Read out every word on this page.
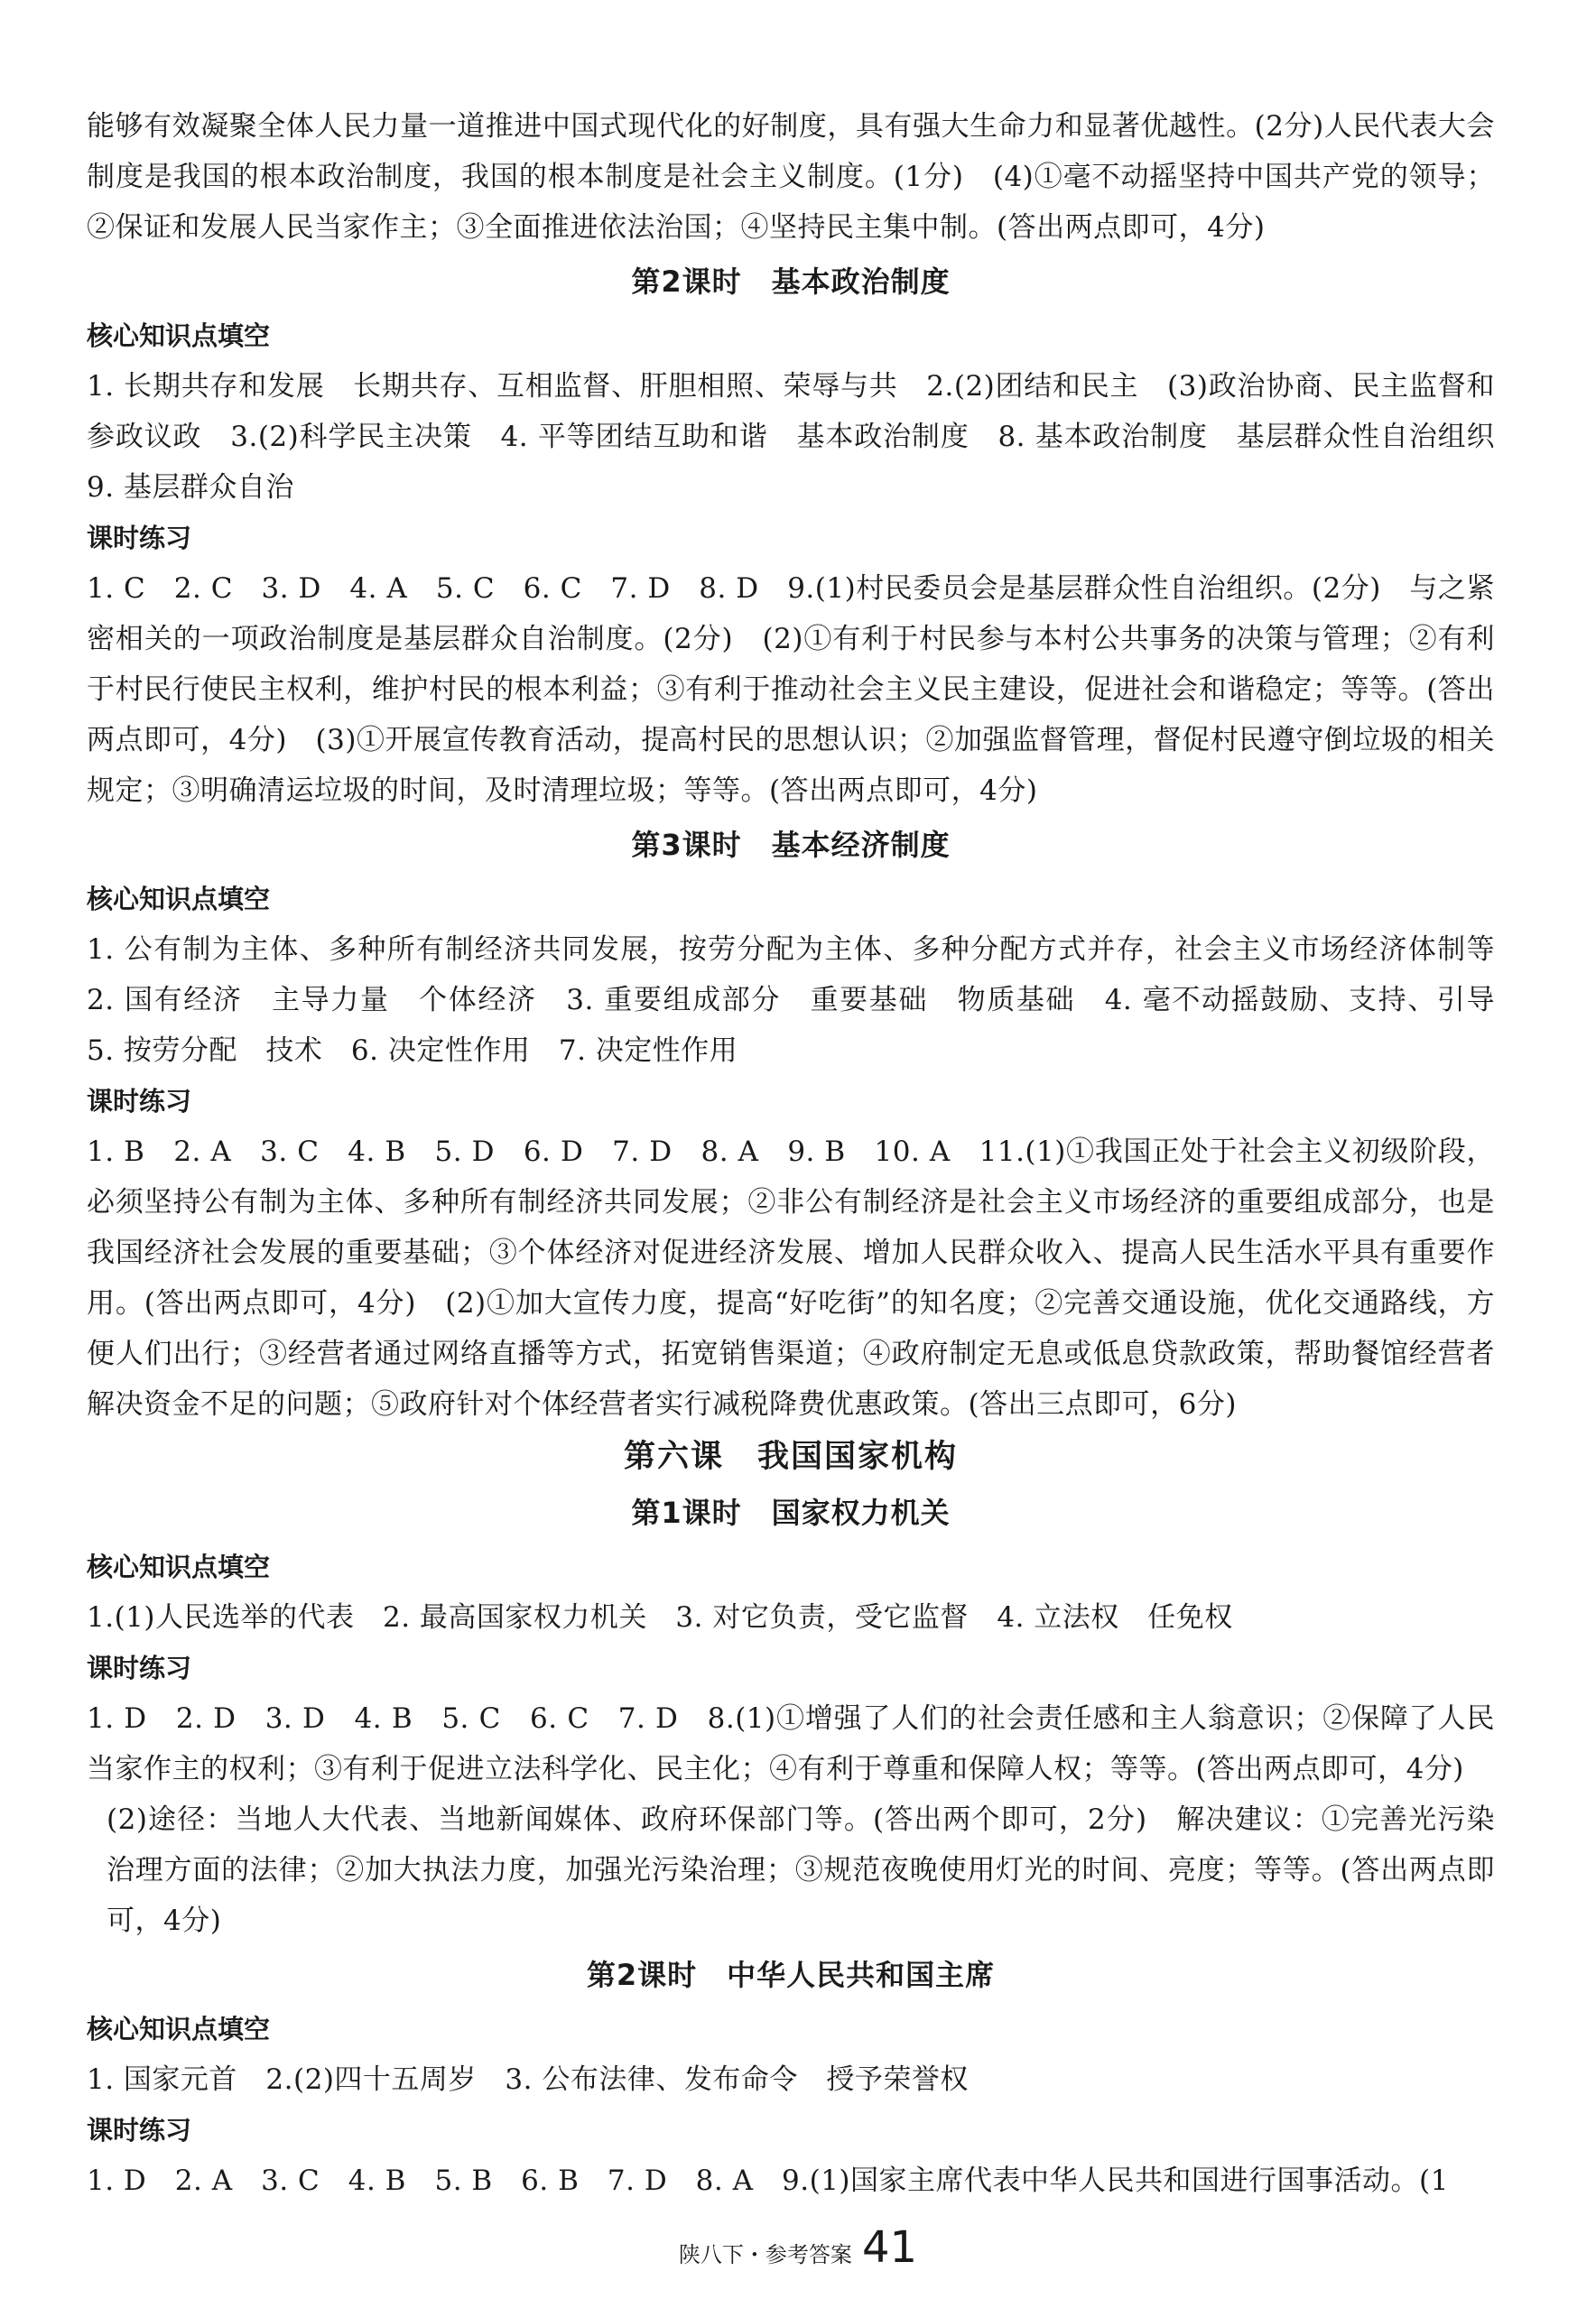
能够有效凝聚全体人民力量一道推进中国式现代化的好制度，具有强大生命力和显著优越性。(2分)人民代表大会制度是我国的根本政治制度，我国的根本制度是社会主义制度。(1分)　(4)①毫不动摇坚持中国共产党的领导；②保证和发展人民当家作主；③全面推进依法治国；④坚持民主集中制。(答出两点即可，4分)

第2课时　基本政治制度
核心知识点填空

1. 长期共存和发展　长期共存、互相监督、肝胆相照、荣辱与共　2.(2)团结和民主　(3)政治协商、民主监督和参政议政　3.(2)科学民主决策　4. 平等团结互助和谐　基本政治制度　8. 基本政治制度　基层群众性自治组织　9. 基层群众自治

课时练习

1. C　2. C　3. D　4. A　5. C　6. C　7. D　8. D　9.(1)村民委员会是基层群众性自治组织。(2分)　与之紧密相关的一项政治制度是基层群众自治制度。(2分)　(2)①有利于村民参与本村公共事务的决策与管理；②有利于村民行使民主权利，维护村民的根本利益；③有利于推动社会主义民主建设，促进社会和谐稳定；等等。(答出两点即可，4分)　(3)①开展宣传教育活动，提高村民的思想认识；②加强监督管理，督促村民遵守倒垃圾的相关规定；③明确清运垃圾的时间，及时清理垃圾；等等。(答出两点即可，4分)

第3课时　基本经济制度
核心知识点填空

1. 公有制为主体、多种所有制经济共同发展，按劳分配为主体、多种分配方式并存，社会主义市场经济体制等　2. 国有经济　主导力量　个体经济　3. 重要组成部分　重要基础　物质基础　4. 毫不动摇鼓励、支持、引导　5. 按劳分配　技术　6. 决定性作用　7. 决定性作用

课时练习

1. B　2. A　3. C　4. B　5. D　6. D　7. D　8. A　9. B　10. A　11.(1)①我国正处于社会主义初级阶段，必须坚持公有制为主体、多种所有制经济共同发展；②非公有制经济是社会主义市场经济的重要组成部分，也是我国经济社会发展的重要基础；③个体经济对促进经济发展、增加人民群众收入、提高人民生活水平具有重要作用。(答出两点即可，4分)　(2)①加大宣传力度，提高“好吃街”的知名度；②完善交通设施，优化交通路线，方便人们出行；③经营者通过网络直播等方式，拓宽销售渠道；④政府制定无息或低息贷款政策，帮助餐馆经营者解决资金不足的问题；⑤政府针对个体经营者实行减税降费优惠政策。(答出三点即可，6分)

第六课　我国国家机构
第1课时　国家权力机关
核心知识点填空

1.(1)人民选举的代表　2. 最高国家权力机关　3. 对它负责，受它监督　4. 立法权　任免权

课时练习

1. D　2. D　3. D　4. B　5. C　6. C　7. D　8.(1)①增强了人们的社会责任感和主人翁意识；②保障了人民当家作主的权利；③有利于促进立法科学化、民主化；④有利于尊重和保障人权；等等。(答出两点即可，4分)

(2)途径：当地人大代表、当地新闻媒体、政府环保部门等。(答出两个即可，2分)　解决建议：①完善光污染治理方面的法律；②加大执法力度，加强光污染治理；③规范夜晚使用灯光的时间、亮度；等等。(答出两点即可，4分)

第2课时　中华人民共和国主席
核心知识点填空

1. 国家元首　2.(2)四十五周岁　3. 公布法律、发布命令　授予荣誉权

课时练习

1. D　2. A　3. C　4. B　5. B　6. B　7. D　8. A　9.(1)国家主席代表中华人民共和国进行国事活动。(1

陕八下・参考答案 41
